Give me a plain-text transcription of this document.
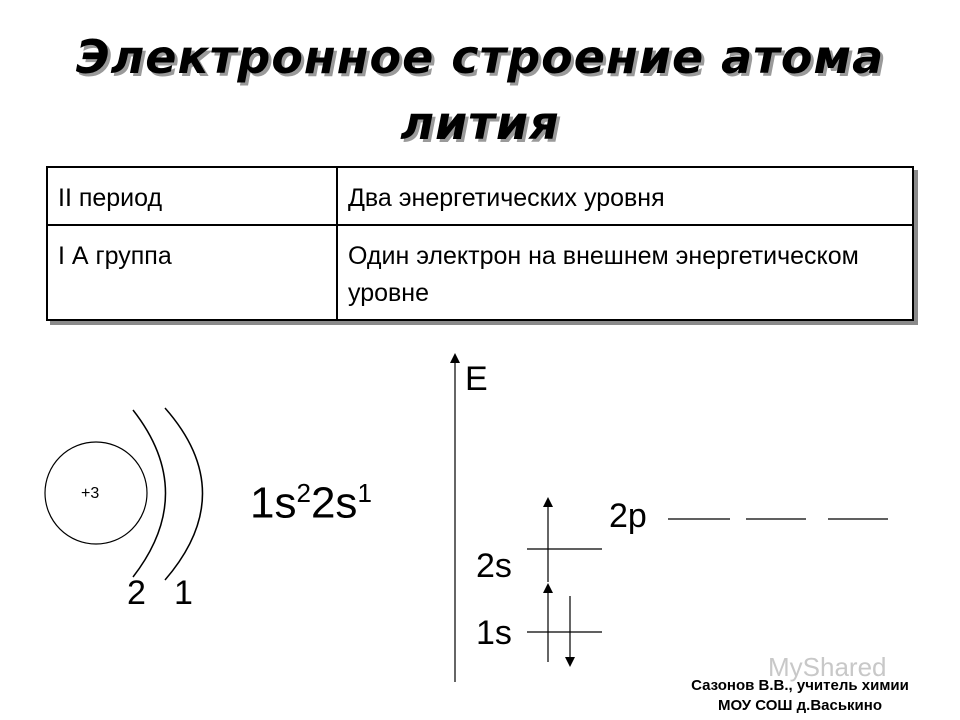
Электронное строение атома
лития
II период	Два энергетических уровня
I А группа	Один электрон на внешнем энергетическом уровне
+3
2 1
$1s^22s^1$
E
2p
2s
1s
MyShared
Сазонов В.В., учитель химии
МОУ СОШ д.Васькино
